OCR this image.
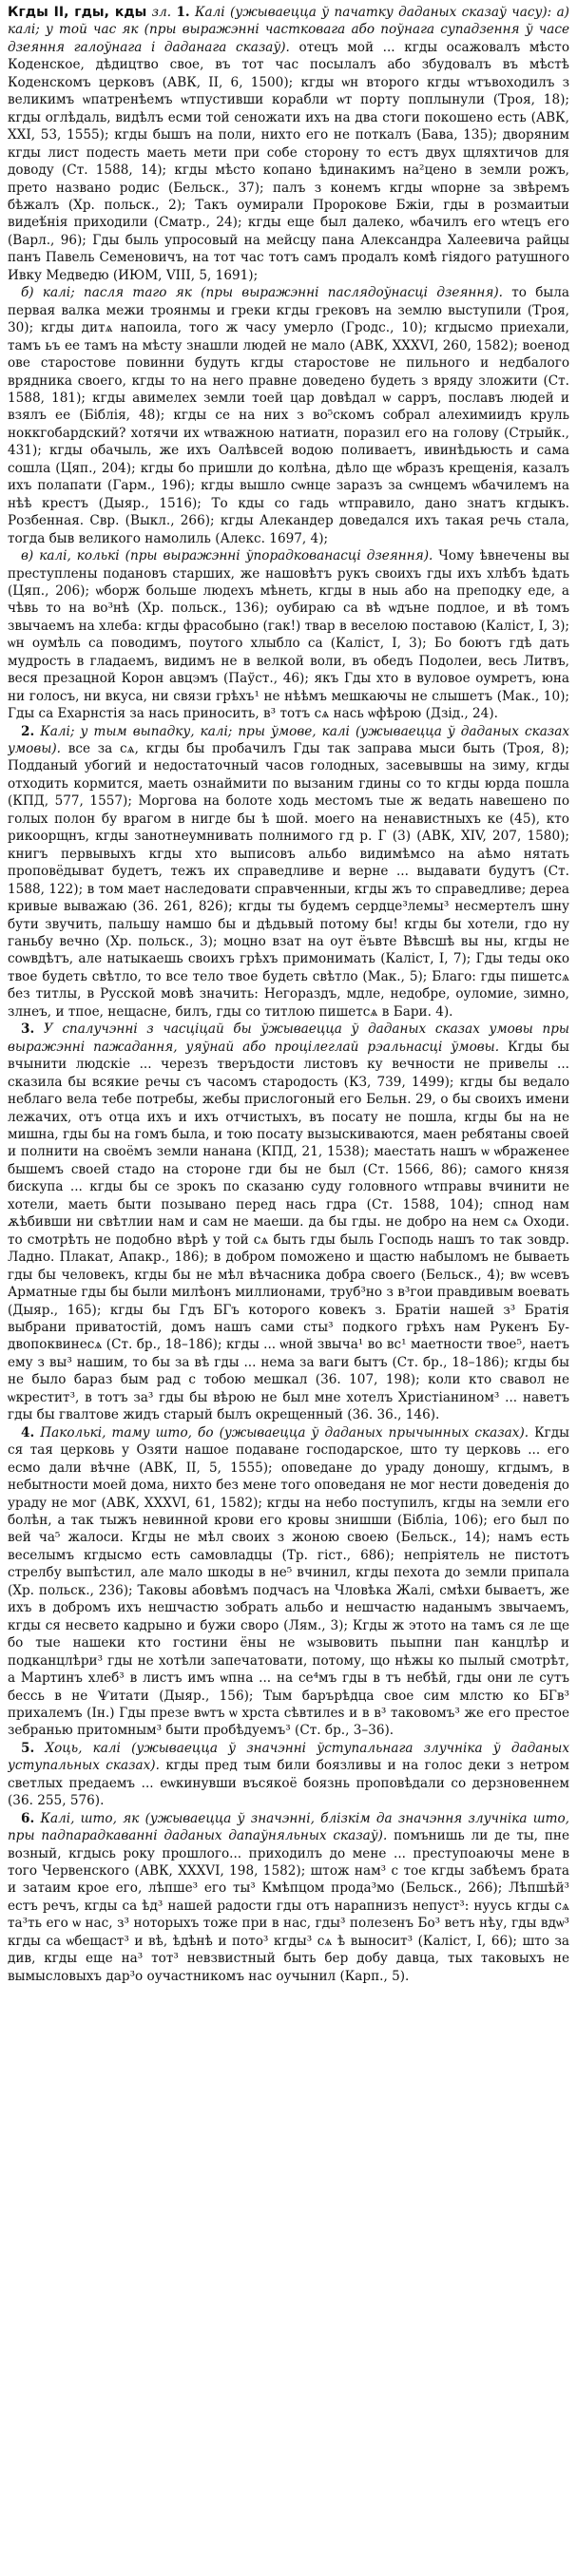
Кгды II, гды, кды зл. 1. Калі (ужываецца ў пачатку даданых сказаў часу): а) калі; у той час як (пры выражэнні частковага або поўнага супадзення ў часе дзеяння галоўнага і даданага сказаў). отецъ мой ... кгды осажовалъ мѣсто Коденское, дѣдицтво свое, въ тот час посылалъ або збудовалъ въ мѣстѣ Коденскомъ церковъ (АВК, II, 6, 1500); кгды ѡн второго кгды ѡтъвоходилъ з великимъ ѡпатренѣемъ ѡтпустивши корабли ѡт порту поплынули (Троя, 18); кгды оглѣдаль, видѣлъ есми той сеножати ихъ на два стоги покошено есть (АВК, XXI, 53, 1555); кгды бышъ на поли, нихто его не поткалъ (Бава, 135); дворяним кгды лист подесть маеть мети при собе сторону то естъ двух щляхтичов для доводу (Ст. 1588, 14); кгды мѣсто копано ѣдинакимъ на²цено в земли рожъ, прето названо родис (Бельск., 37); палъ з конемъ кгды ѡпорне за звѣремъ бѣжалъ (Хр. польск., 2); Такъ оумирали Пророкове Бжіи, гды в розмаитыи видеѣ́нія приходили (Сматр., 24); кгды еще был далеко, ѡбачилъ его ѡтецъ его (Варл., 96); Гды быль упросовый на мейсцу пана Александра Халеевича райцы панъ Павель Семеновичъ, на тот час тотъ самъ продалъ комѣ гіядого ратушного Ивку Медведю (ИЮМ, VIII, 5, 1691);

б) калі; пасля таго як (пры выражэнні паслядоўнасці дзеяння). то была первая валка межи троянмы и греки кгды грековъ на землю выступили (Троя, 30); кгды дитѧ напоила, того ж часу умерло (Гродс., 10); кгдысмо приехали, тамъ ьъ ее тамъ на мѣсту знашли людей не мало (АВК, XXXVI, 260, 1582); военод ове старостове повинни будуть кгды старостове не пильного и недбалого врядника своего, кгды то на него правне доведено будеть з вряду зложити (Ст. 1588, 181); кгды авимелех земли тоей цар довѣдал ѡ сарръ, пославъ людей и взялъ ее (Біблія, 48); кгды се на них з во⁵скомъ собрал алехимиидъ круль ноккгобардский? хотячи их ѡтважною натиатн, поразил его на голову (Стрыйк., 431); кгды обачыль, же ихъ Оалѣвсей водою поливаетъ, ивинѣдьюсть и сама сошла (Цяп., 204); кгды бо пришли до колѣна, дѣло ще ѡбразъ крещенія, казалъ ихъ полапати (Гарм., 196); кгды вышло сѡнце заразъ за сѡнцемъ ѡбачилемъ на нѣѣ крестъ (Дыяр., 1516); То кды со гадь ѡтправило, дано знатъ кгдыкъ. Розбенная. Свр. (Выкл., 266); кгды Алекандер доведался ихъ такая речь стала, тогда быв великого намолиль (Алекс. 1697, 4);

в) калі, колькі (пры выражэнні ўпорадкованасці дзеяння). Чому ѣвнечены вы преступлены подановъ старших, же нашовѣтъ рукъ своихъ гды ихъ хлѣбъ ѣдать (Цяп., 206); ѡборж больше людехъ мѣнеть, кгды в ныь або на преподку еде, а чѣвь то на во³нѣ (Хр. польск., 136); оубираю са вѣ ѡдъне подлое, и вѣ томъ звычаемъ на хлеба: кгды фрасобыно (гак!) твар в веселою поставою (Каліст, I, 3); ѡн оумѣль са поводимъ, поутого хлыбло са (Каліст, I, 3); Бо боютъ гдѣ дать мудрость в гладаемъ, видимъ не в велкой воли, въ обедъ Подолеи, весь Литвъ, веся презацной Корон авцэмъ (Паўст., 46); якъ Гды хто в вуловое оумретъ, юна ни голосъ, ни вкуса, ни связи грѣхъ¹ не нѣѣмъ мешкаючы не слышетъ (Мак., 10); Гды са Ехарнстія за нась приносить, в³ тотъ сѧ нась ѡфѣрою (Дзід., 24).

2. Калі; у тым выпадку, калі; пры ўмове, калі (ужываецца ў даданых сказах умовы). все за сѧ, кгды бы пробачилъ Гды так заправа мыси быть (Троя, 8); Подданый убогий и недостаточный часов голодных, засевывшы на зиму, кгды отходить кормится, маеть ознаймити по вызаним гдины со то кгды юрда пошла (КПД, 577, 1557); Моргова на болоте ходь местомъ тые ж ведать навешено по голых полон бу врагом в нигде бы ѣ шой. моего на ненавистныхъ ке (45), кто рикоорщнъ, кгды занотнеумнивать полнимого гд р. Г (3) (АВК, XIV, 207, 1580); книгъ первывыхъ кгды хто выписовъ альбо видимѣмсо на аѣмо нятать проповёдыват будетъ, тежъ их справедливе и верне ... выдавати будутъ (Ст. 1588, 122); в том мает наследовати справченныи, кгды жъ то справедливе; дереа кривые выважаю (36. 261, 826); кгды ты будемъ сердце³лемы³ несмертелъ шну бути звучить, пальшу намшо бы и дѣдьвый потому бы! кгды бы хотели, гдо ну ганьбу вечно (Хр. польск., 3); моцно взат на оут ёъвте Вѣвсшѣ вы ны, кгды не соѡвдѣтъ, але натыкаешь своихъ грѣхъ примонимать (Каліст, I, 7); Гды теды око твое будеть свѣтло, то все тело твое будеть свѣтло (Мак., 5); Благо: гды пишетсѧ без титлы, в Русской мовѣ значить: Негораздъ, мдле, недобре, оуломие, зимно, злнеъ, и тпое, нещасне, билъ, гды со титлою пишетсѧ в Бари. 4).

3. У спалучэнні з часціцай бы ўжываецца ў даданых сказах умовы пры выражэнні пажадання, уяўнай або процілеглай рэальнасці ўмовы. Кгды бы вчынити людскіе ... черезъ тверъдости листовъ ку вечности не привелы ... сказила бы всякие речы съ часомъ стародость (КЗ, 739, 1499); кгды бы ведало неблаго вела тебе потребы, жебы прислогоный его Бельн. 29, о бы своихъ имени лежачих, отъ отца ихъ и ихъ отчистыхъ, въ посату не пошла, кгды бы на не мишна, гды бы на гомъ была, и тою посату вызыскиваются, маен ребятаны своей и полнити на своёмъ земли нанана (КПД, 21, 1538); маестать нашъ ѡ ѡбраженее бышемъ своей стадо на стороне гди бы не был (Ст. 1566, 86); самого князя бискупа ... кгды бы се зрокъ по сказаню суду головного ѡтправы вчинити не хотели, маеть быти позывано перед нась гдра (Ст. 1588, 104); спнод нам ѫѣбивши ни свѣтлии нам и сам не маеши. да бы гды. не добро на нем сѧ Оходи. то смотрѣть не подобно вѣрѣ у той сѧ быть гды быль Господь нашъ то так зовдр. Ладно. Плакат, Апакр., 186); в добром поможено и щастю набыломъ не бываеть гды бы человекъ, кгды бы не мѣл вѣчасника добра своего (Бельск., 4); вѡ ѡсевъ Арматные гды бы были милѣонъ миллионами, труб³но з в³гои правдивым воевать (Дыяр., 165); кгды бы Гдъ БГъ которого ковекъ з. Братіи нашей з³ Братія выбрани приватостій, домъ нашъ сами сты³ подкого грѣхъ нам Рукенъ Бу-двопоквинесѧ (Ст. бр., 18–186); кгды ... ѡной звыча¹ во вс¹ маетности твое⁵, наетъ ему з вы³ нашим, то бы за вѣ гды ... нема за ваги бытъ (Ст. бр., 18–186); кгды бы не было бараз бым рад с тобою мешкал (36. 107, 198); коли кто свавол не ѡкрестит³, в тотъ за³ гды бы вѣрою не был мне хотелъ Христіанином³ ... наветъ гды бы гвалтове жидъ старый былъ окрещенный (36. 36., 146).

4. Паколькі, таму што, бо (ужываецца ў даданых прычынных сказах). Кгды ся тая церковь у Озяти нашое подаване господарское, што ту церковь ... его есмо дали вѣчне (АВК, II, 5, 1555); оповедане до ураду доношу, кгдымъ, в небытности моей дома, нихто без мене того оповеданя не мог нести доведенія до ураду не мог (АВК, XXXVI, 61, 1582); кгды на небо поступилъ, кгды на земли его болѣн, а так тыжъ невинной крови его кровы знишши (Бібліа, 106); его был по вей ча⁵ жалоси. Кгды не мѣл своих з жоною своею (Бельск., 14); намъ есть веселымъ кгдысмо есть самовладцы (Тр. гіст., 686); непріятель не пистотъ стрелбу выпѣстил, але мало шкоды в не⁵ вчинил, кгды пехота до земли припала (Хр. польск., 236); Таковы абовѣмъ подчасъ на Чловѣка Жалі, смѣхи бываетъ, же ихъ в добромъ ихъ нешчастю зобрать альбо и нешчастю наданымъ звычаемъ, кгды ся несвето кадрыно и бужи своро (Лям., 3); Кгды ж этото на тамъ ся ле ще бо тые нашеки кто гостини ёны не ѡзывовить пьыпни пан канцлѣр и подканцлѣри³ гды не хотѣли запечатовати, потому, що нѣжы ко пылый смотрѣт, а Мартинъ хлеб³ в листъ имъ ѡпна ... на се⁴мъ гды в тъ небѣй, гды они ле сутъ бессь в не Ѱитати (Дыяр., 156); Тым барърѣдца свое сим млстю ко БГв³ прихалемъ (Ін.) Гды презе вѡтъ ѡ хрста сѣвтилеѕ и в в³ таковомъ³ же его престое зебранью притомным³ быти пробѣдуемъ³ (Ст. бр., 3–36).

5. Хоць, калі (ужываецца ў значэнні ўступальнага злучніка ў даданых уступальных сказах). кгды пред тым били боязливы и на голос деки з нетром светлых предаемъ ... еѡкинувши въсякоё боязнь проповѣдали со дерзновеннем (36. 255, 576).

6. Калі, што, як (ужываецца ў значэнні, блізкім да значэння злучніка што, пры падпарадкаванні даданых дапаўняльных сказаў). помънишь ли де ты, пне возный, кгдысь року прошлого... пpиходилъ до мене ... преступоаючы мене в того Червенского (АВК, XXXVI, 198, 1582); штож нам³ с тое кгды забѣемъ брата и затаим крое его, лѣпше³ его ты³ Кмѣпцом прода³мо (Бельск., 266); Лѣпшѣй³ естъ речъ, кгды са ѣд³ нашей радости гды отъ нарапнизъ непуст³: нуусь кгды сѧ та³ть его ѡ нас, з³ ноторыхъ тоже при в нас, гды³ полезенъ Бо³ ветъ нѣу, гды вдѡ³ кгды са ѡбещаст³ и вѣ, ѣдѣнѣ и пото³ кгды³ сѧ ѣ выносит³ (Каліст, I, 66); што за див, кгды еще на³ тот³ невзвистный быть бер добу давца, тых таковыхъ не вымысловыхъ дар³о оучастникомъ нас оучынил (Карп., 5).
